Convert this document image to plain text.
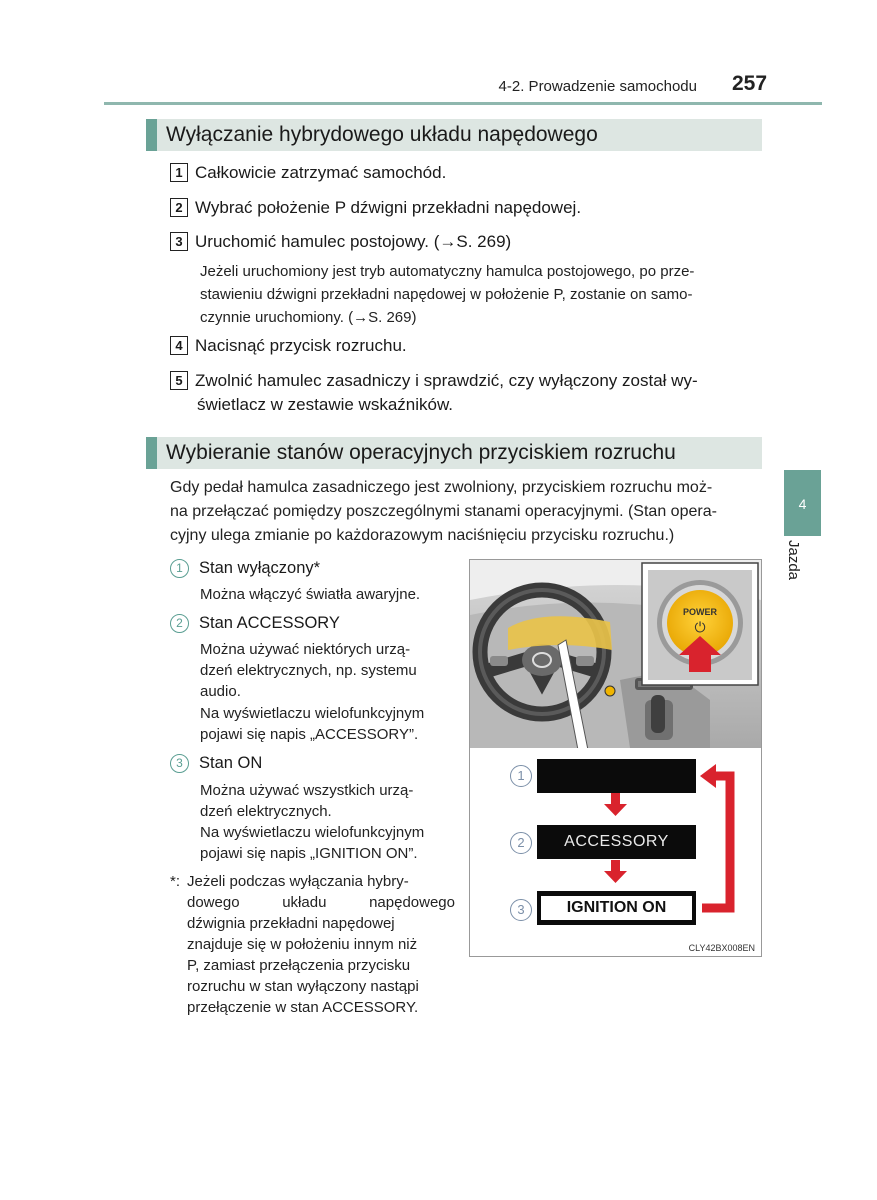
4-2. Prowadzenie samochodu 257
Wyłączanie hybrydowego układu napędowego
1 Całkowicie zatrzymać samochód.
2 Wybrać położenie P dźwigni przekładni napędowej.
3 Uruchomić hamulec postojowy. (→S. 269)
Jeżeli uruchomiony jest tryb automatyczny hamulca postojowego, po prze-
stawieniu dźwigni przekładni napędowej w położenie P, zostanie on samo-
czynnie uruchomiony. (→S. 269)
4 Nacisnąć przycisk rozruchu.
5 Zwolnić hamulec zasadniczy i sprawdzić, czy wyłączony został wy-
świetlacz w zestawie wskaźników.
Wybieranie stanów operacyjnych przyciskiem rozruchu
Gdy pedał hamulca zasadniczego jest zwolniony, przyciskiem rozruchu moż-
na przełączać pomiędzy poszczególnymi stanami operacyjnymi. (Stan opera-
cyjny ulega zmianie po każdorazowym naciśnięciu przycisku rozruchu.)
1 Stan wyłączony*
Można włączyć światła awaryjne.
2 Stan ACCESSORY
Można używać niektórych urzą-
dzeń elektrycznych, np. systemu
audio.
Na wyświetlaczu wielofunkcyjnym
pojawi się napis „ACCESSORY”.
3 Stan ON
Można używać wszystkich urzą-
dzeń elektrycznych.
Na wyświetlaczu wielofunkcyjnym
pojawi się napis „IGNITION ON”.
*: Jeżeli podczas wyłączania hybry-
dowego układu napędowego
dźwignia przekładni napędowej
znajduje się w położeniu innym niż
P, zamiast przełączenia przycisku
rozruchu w stan wyłączony nastąpi
przełączenie w stan ACCESSORY.
4
Jazda
POWER
⏻
1
2	ACCESSORY
3	IGNITION ON
CLY42BX008EN
